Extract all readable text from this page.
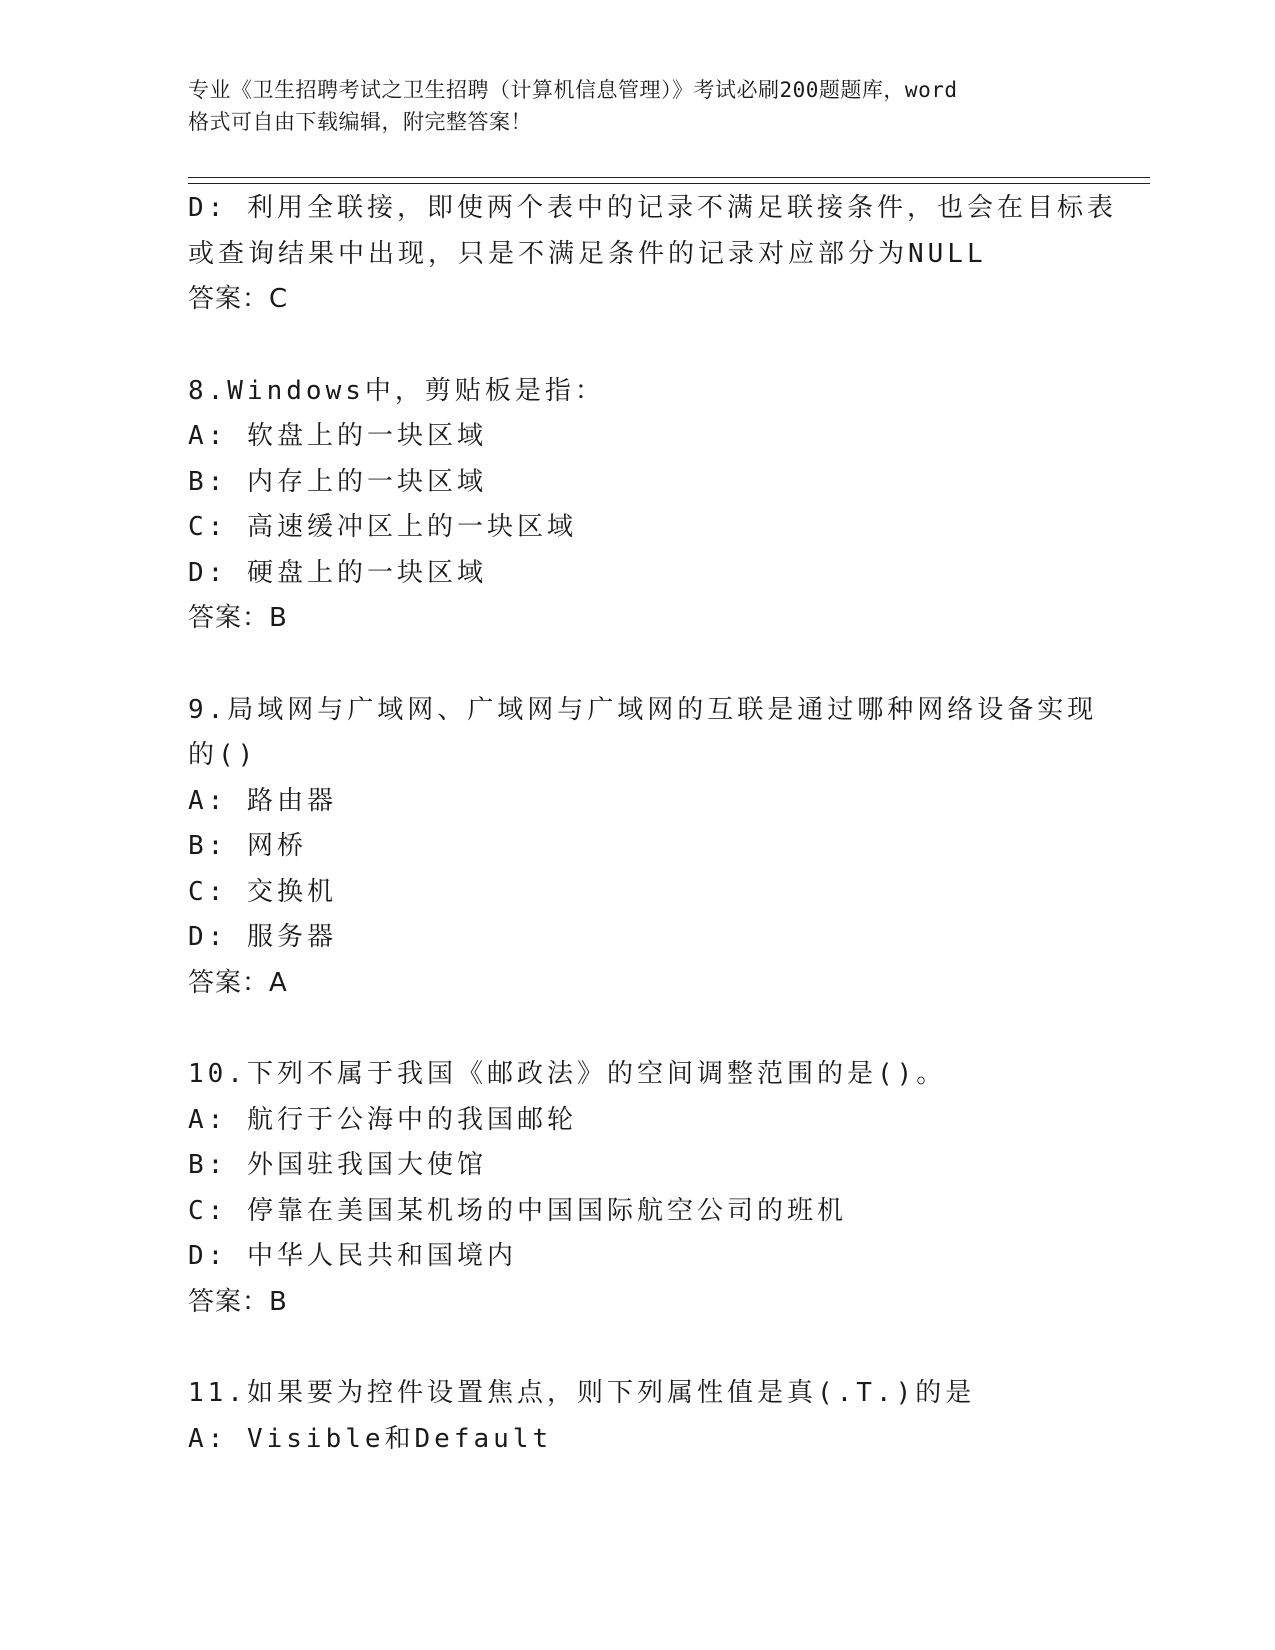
专业《卫生招聘考试之卫生招聘（计算机信息管理）》考试必刷200题题库，word
格式可自由下载编辑，附完整答案！
D: 利用全联接，即使两个表中的记录不满足联接条件，也会在目标表
或查询结果中出现，只是不满足条件的记录对应部分为NULL
答案：C
8.Windows中，剪贴板是指：
A: 软盘上的一块区域
B: 内存上的一块区域
C: 高速缓冲区上的一块区域
D: 硬盘上的一块区域
答案：B
9.局域网与广域网、广域网与广域网的互联是通过哪种网络设备实现
的()
A: 路由器
B: 网桥
C: 交换机
D: 服务器
答案：A
10.下列不属于我国《邮政法》的空间调整范围的是()。
A: 航行于公海中的我国邮轮
B: 外国驻我国大使馆
C: 停靠在美国某机场的中国国际航空公司的班机
D: 中华人民共和国境内
答案：B
11.如果要为控件设置焦点，则下列属性值是真(.T.)的是
A: Visible和Default
